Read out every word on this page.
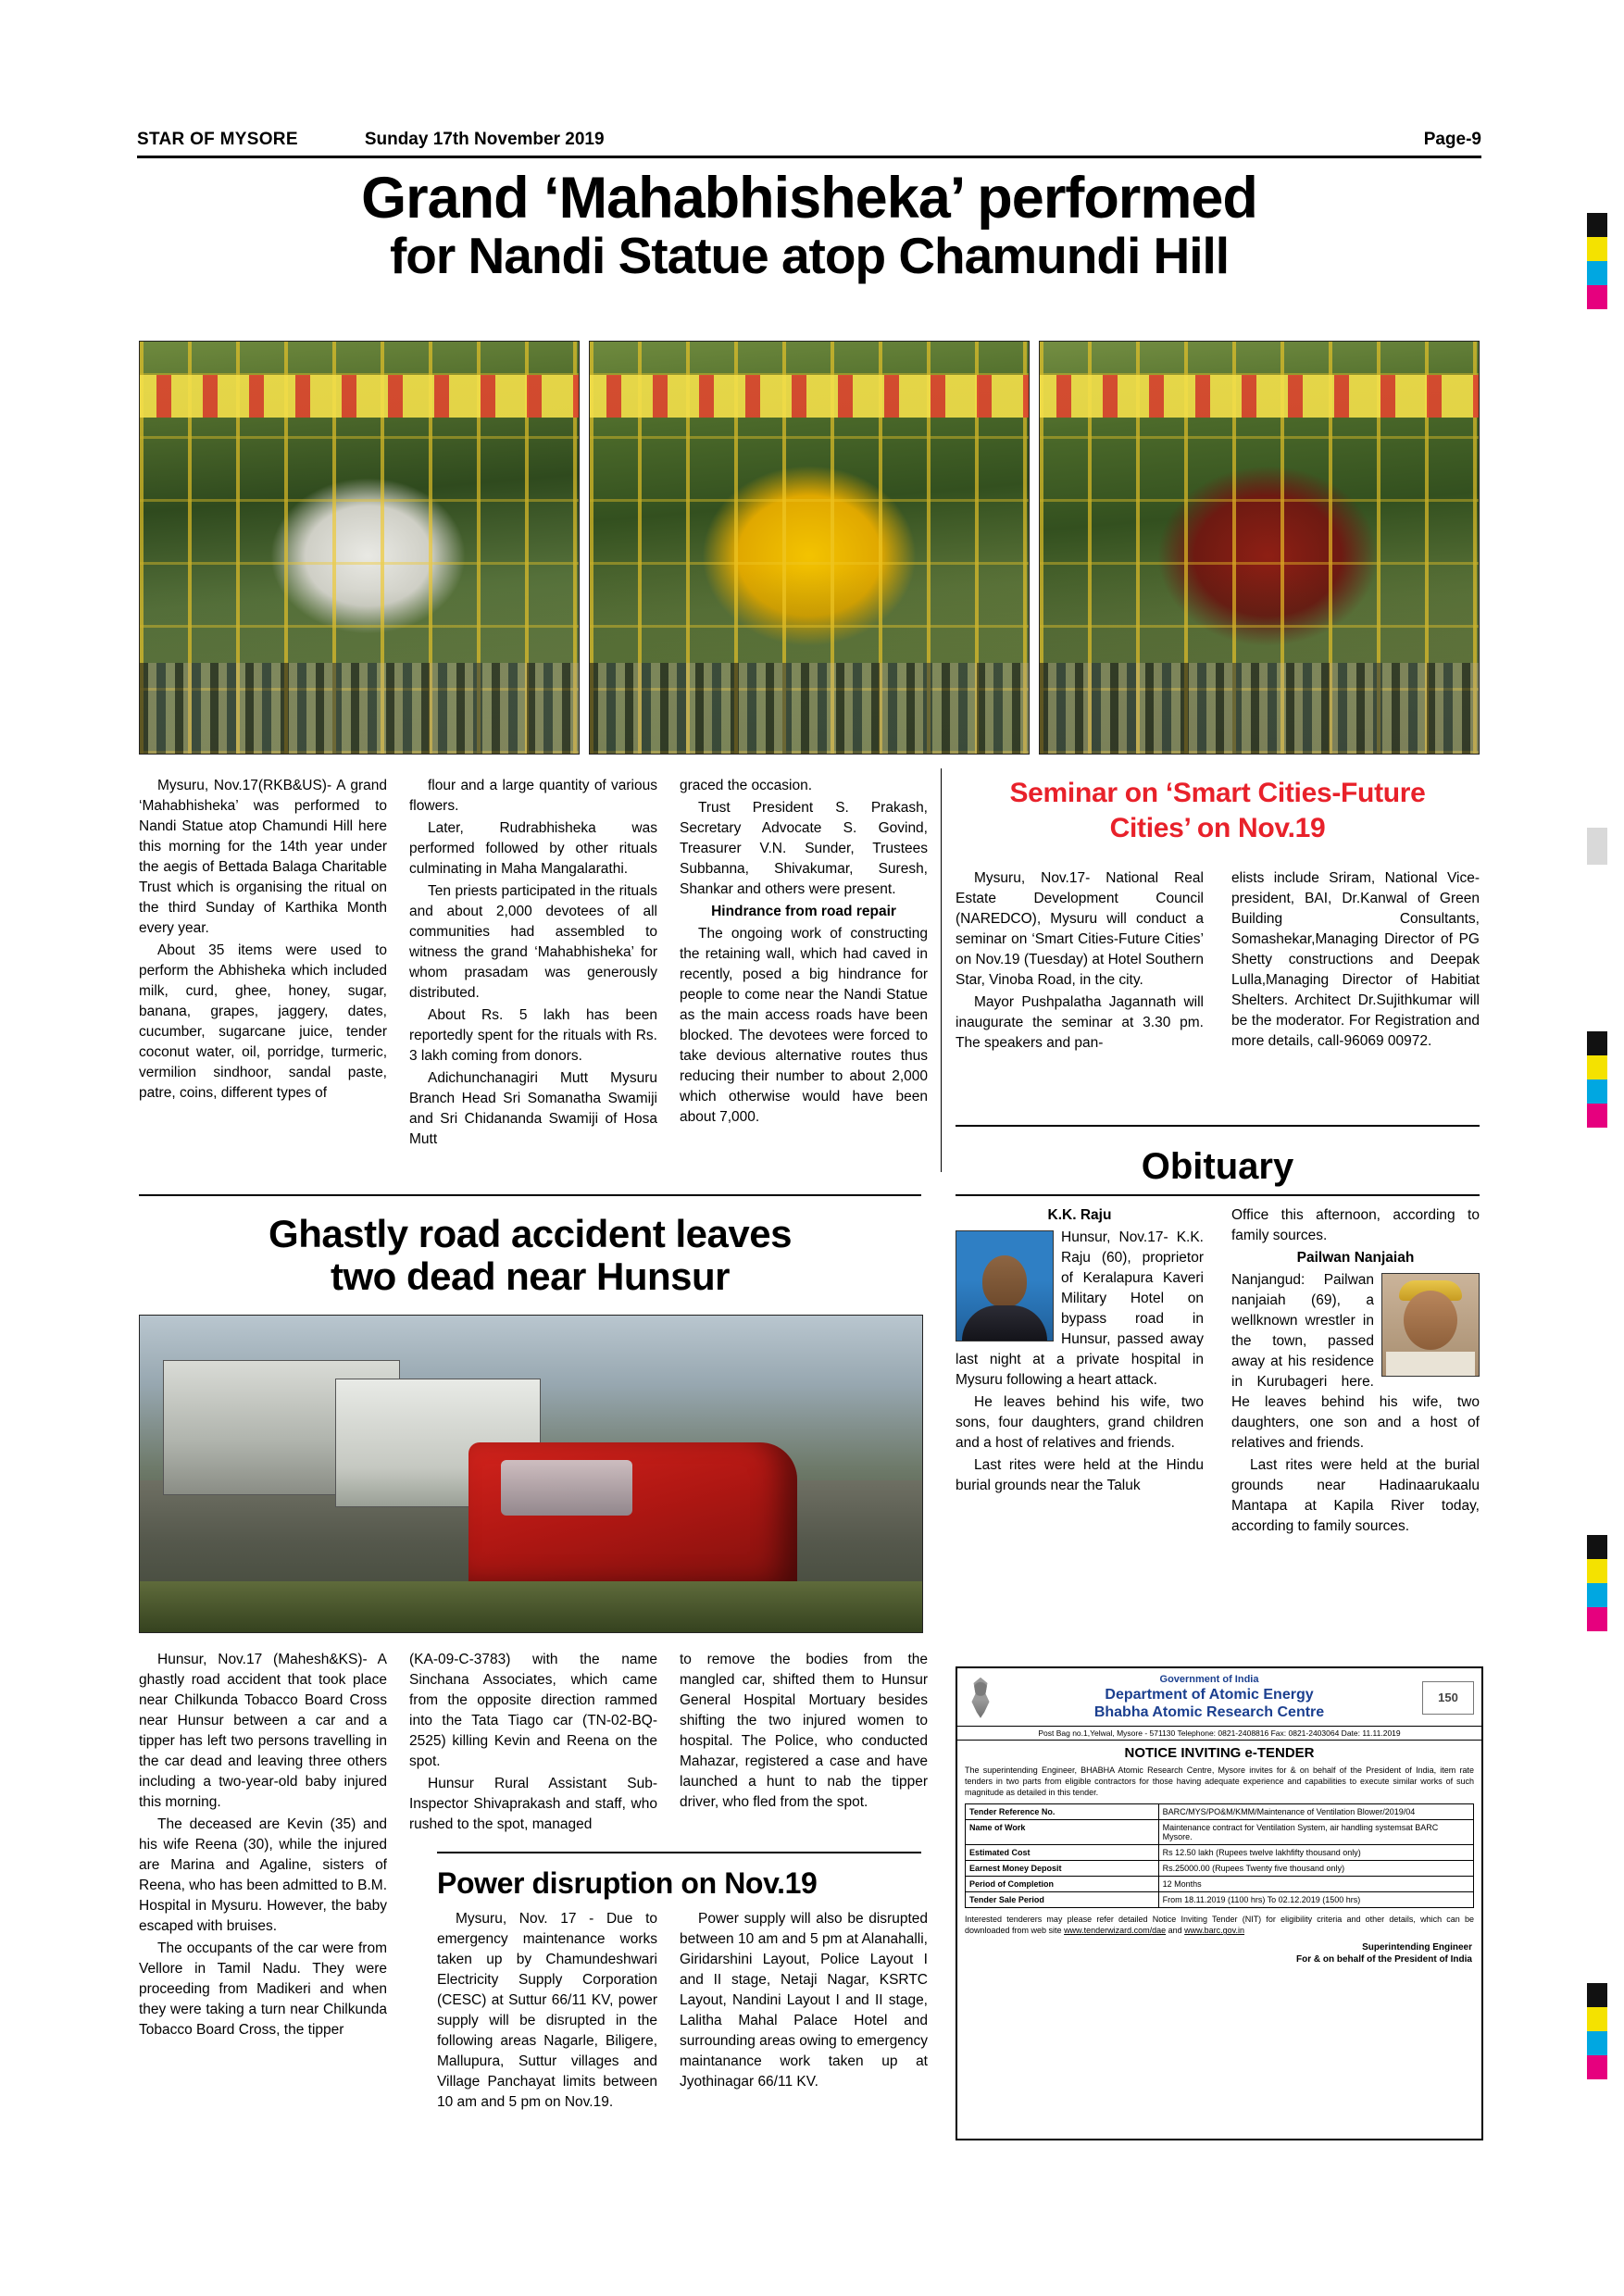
STAR OF MYSORE	Sunday 17th November 2019	Page-9
Grand ‘Mahabhisheka’ performed
for Nandi Statue atop Chamundi Hill

Mysuru, Nov.17(RKB&US)- A grand ‘Mahabhisheka’ was performed to Nandi Statue atop Chamundi Hill here this morning for the 14th year under the aegis of Bettada Balaga Charitable Trust which is organising the ritual on the third Sunday of Karthika Month every year.

About 35 items were used to perform the Abhisheka which included milk, curd, ghee, honey, sugar, banana, grapes, jaggery, dates, cucumber, sugarcane juice, tender coconut water, oil, porridge, turmeric, vermilion sindhoor, sandal paste, patre, coins, different types of

flour and a large quantity of various flowers.

Later, Rudrabhisheka was performed followed by other rituals culminating in Maha Mangalarathi.

Ten priests participated in the rituals and about 2,000 devotees of all communities had assembled to witness the grand ‘Mahabhisheka’ for whom prasadam was generously distributed.

About Rs. 5 lakh has been reportedly spent for the rituals with Rs. 3 lakh coming from donors.

Adichunchanagiri Mutt Mysuru Branch Head Sri Somanatha Swamiji and Sri Chidananda Swamiji of Hosa Mutt

graced the occasion.

Trust President S. Prakash, Secretary Advocate S. Govind, Treasurer V.N. Sunder, Trustees Subbanna, Shivakumar, Suresh, Shankar and others were present.

Hindrance from road repair

The ongoing work of constructing the retaining wall, which had caved in recently, posed a big hindrance for people to come near the Nandi Statue as the main access roads have been blocked. The devotees were forced to take devious alternative routes thus reducing their number to about 2,000 which otherwise would have been about 7,000.

Seminar on ‘Smart Cities-Future
Cities’ on Nov.19

Mysuru, Nov.17- National Real Estate Development Council (NAREDCO), Mysuru will conduct a seminar on ‘Smart Cities-Future Cities’ on Nov.19 (Tuesday) at Hotel Southern Star, Vinoba Road, in the city.

Mayor Pushpalatha Jagannath will inaugurate the seminar at 3.30 pm. The speakers and pan-

elists include Sriram, National Vice-president, BAI, Dr.Kanwal of Green Building Consultants, Somashekar,Managing Director of PG Shetty constructions and Deepak Lulla,Managing Director of Habitiat Shelters. Architect Dr.Sujithkumar will be the moderator. For Registration and more details, call-96069 00972.

Obituary

K.K. Raju

Hunsur, Nov.17- K.K. Raju (60), proprietor of Keralapura Kaveri Military Hotel on bypass road in Hunsur, passed away last night at a private hospital in Mysuru following a heart attack.

He leaves behind his wife, two sons, four daughters, grand children and a host of relatives and friends.

Last rites were held at the Hindu burial grounds near the Taluk

Office this afternoon, according to family sources.

Pailwan Nanjaiah

Nanjangud: Pailwan nanjaiah (69), a wellknown wrestler in the town, passed away at his residence in Kurubageri here. He leaves behind his wife, two daughters, one son and a host of relatives and friends.

Last rites were held at the burial grounds near Hadinaarukaalu Mantapa at Kapila River today, according to family sources.

Ghastly road accident leaves
two dead near Hunsur

Hunsur, Nov.17 (Mahesh&KS)- A ghastly road accident that took place near Chilkunda Tobacco Board Cross near Hunsur between a car and a tipper has left two persons travelling in the car dead and leaving three others including a two-year-old baby injured this morning.

The deceased are Kevin (35) and his wife Reena (30), while the injured are Marina and Agaline, sisters of Reena, who has been admitted to B.M. Hospital in Mysuru. However, the baby escaped with bruises.

The occupants of the car were from Vellore in Tamil Nadu. They were proceeding from Madikeri and when they were taking a turn near Chilkunda Tobacco Board Cross, the tipper

(KA-09-C-3783) with the name Sinchana Associates, which came from the opposite direction rammed into the Tata Tiago car (TN-02-BQ-2525) killing Kevin and Reena on the spot.

Hunsur Rural Assistant Sub-Inspector Shivaprakash and staff, who rushed to the spot, managed

to remove the bodies from the mangled car, shifted them to Hunsur General Hospital Mortuary besides shifting the two injured women to hospital. The Police, who conducted Mahazar, registered a case and have launched a hunt to nab the tipper driver, who fled from the spot.

Power disruption on Nov.19

Mysuru, Nov. 17 - Due to emergency maintenance works taken up by Chamundeshwari Electricity Supply Corporation (CESC) at Suttur 66/11 KV, power supply will be disrupted in the following areas Nagarle, Biligere, Mallupura, Suttur villages and Village Panchayat limits between 10 am and 5 pm on Nov.19.

Power supply will also be disrupted between 10 am and 5 pm at Alanahalli, Giridarshini Layout, Police Layout I and II stage, Netaji Nagar, KSRTC Layout, Nandini Layout I and II stage, Lalitha Mahal Palace Hotel and surrounding areas owing to emergency maintanance work taken up at Jyothinagar 66/11 KV.

Government of India
Department of Atomic Energy
Bhabha Atomic Research Centre
150
Post Bag no.1,Yelwal, Mysore - 571130 Telephone: 0821-2408816 Fax: 0821-2403064 Date: 11.11.2019
NOTICE INVITING e-TENDER
The superintending Engineer, BHABHA Atomic Research Centre, Mysore invites for & on behalf of the President of India, item rate tenders in two parts from eligible contractors for those having adequate experience and capabilities to execute similar works of such magnitude as detailed in this tender.
Tender Reference No.	BARC/MYS/PO&M/KMM/Maintenance of Ventilation Blower/2019/04
Name of Work	Maintenance contract for Ventilation System, air handling systemsat BARC Mysore.
Estimated Cost	Rs 12.50 lakh (Rupees twelve lakhfifty thousand only)
Earnest Money Deposit	Rs.25000.00 (Rupees Twenty five thousand only)
Period of Completion	12 Months
Tender Sale Period	From 18.11.2019 (1100 hrs) To 02.12.2019 (1500 hrs)
Interested tenderers may please refer detailed Notice Inviting Tender (NIT) for eligibility criteria and other details, which can be downloaded from web site www.tenderwizard.com/dae and www.barc.gov.in
Superintending Engineer
For & on behalf of the President of India
